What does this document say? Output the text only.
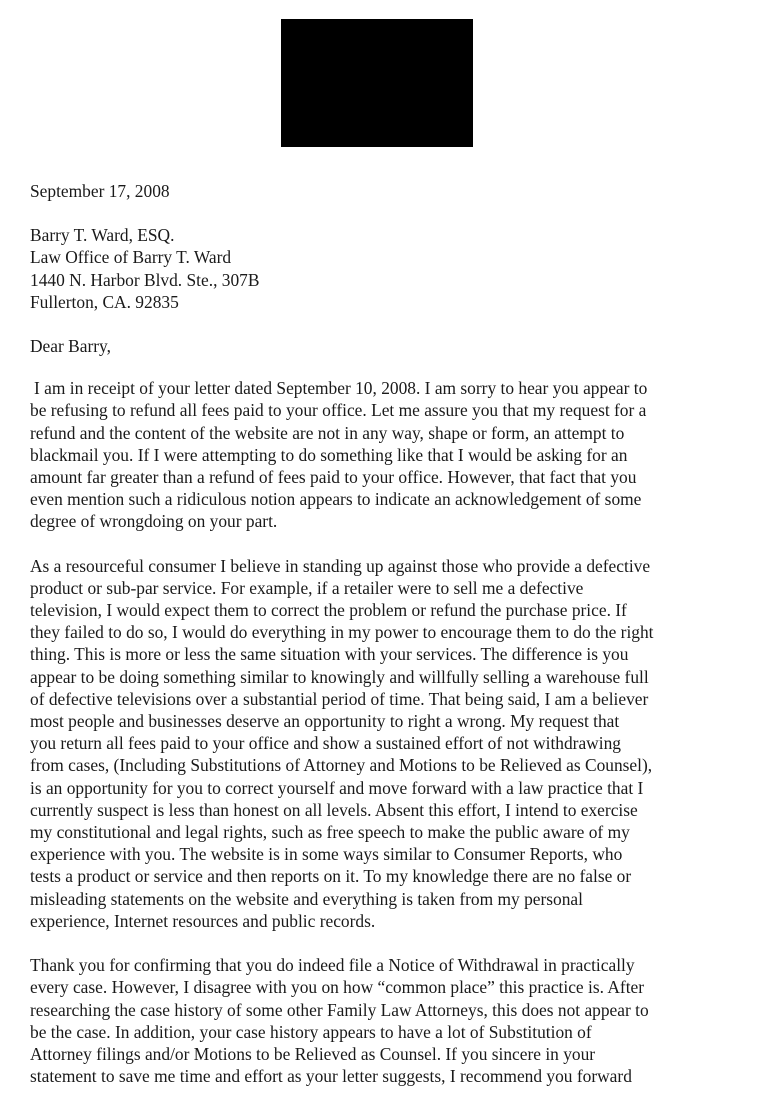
September 17, 2008
Barry T. Ward, ESQ.
Law Office of Barry T. Ward
1440 N. Harbor Blvd. Ste., 307B
Fullerton, CA. 92835
Dear Barry,
I am in receipt of your letter dated September 10, 2008. I am sorry to hear you appear to
be refusing to refund all fees paid to your office. Let me assure you that my request for a
refund and the content of the website are not in any way, shape or form, an attempt to
blackmail you. If I were attempting to do something like that I would be asking for an
amount far greater than a refund of fees paid to your office. However, that fact that you
even mention such a ridiculous notion appears to indicate an acknowledgement of some
degree of wrongdoing on your part.
As a resourceful consumer I believe in standing up against those who provide a defective
product or sub-par service. For example, if a retailer were to sell me a defective
television, I would expect them to correct the problem or refund the purchase price. If
they failed to do so, I would do everything in my power to encourage them to do the right
thing. This is more or less the same situation with your services. The difference is you
appear to be doing something similar to knowingly and willfully selling a warehouse full
of defective televisions over a substantial period of time. That being said, I am a believer
most people and businesses deserve an opportunity to right a wrong. My request that
you return all fees paid to your office and show a sustained effort of not withdrawing
from cases, (Including Substitutions of Attorney and Motions to be Relieved as Counsel),
is an opportunity for you to correct yourself and move forward with a law practice that I
currently suspect is less than honest on all levels. Absent this effort, I intend to exercise
my constitutional and legal rights, such as free speech to make the public aware of my
experience with you. The website is in some ways similar to Consumer Reports, who
tests a product or service and then reports on it. To my knowledge there are no false or
misleading statements on the website and everything is taken from my personal
experience, Internet resources and public records.
Thank you for confirming that you do indeed file a Notice of Withdrawal in practically
every case. However, I disagree with you on how “common place” this practice is. After
researching the case history of some other Family Law Attorneys, this does not appear to
be the case. In addition, your case history appears to have a lot of Substitution of
Attorney filings and/or Motions to be Relieved as Counsel. If you sincere in your
statement to save me time and effort as your letter suggests, I recommend you forward
